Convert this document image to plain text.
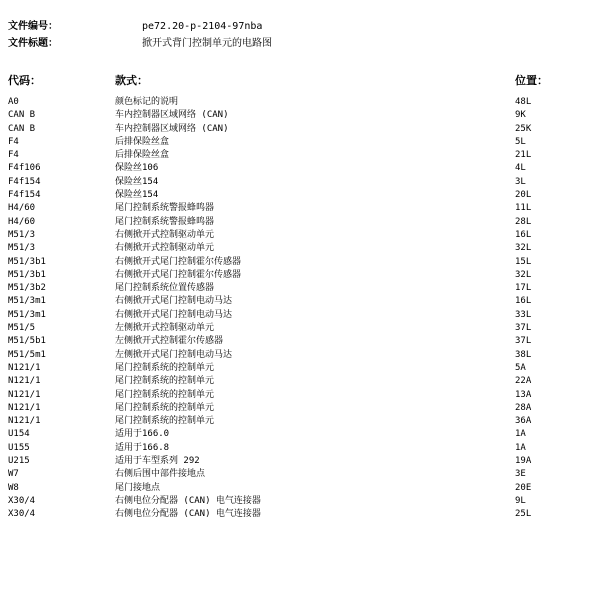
文件编号：	pe72.20-p-2104-97nba
文件标题：	掀开式背门控制单元的电路图
代码：	款式：	位置：
A0	颜色标记的说明	48L
CAN B	车内控制器区域网络 (CAN)	9K
CAN B	车内控制器区域网络 (CAN)	25K
F4	后排保险丝盒	5L
F4	后排保险丝盒	21L
F4f106	保险丝106	4L
F4f154	保险丝154	3L
F4f154	保险丝154	20L
H4/60	尾门控制系统警报蜂鸣器	11L
H4/60	尾门控制系统警报蜂鸣器	28L
M51/3	右侧掀开式控制驱动单元	16L
M51/3	右侧掀开式控制驱动单元	32L
M51/3b1	右侧掀开式尾门控制霍尔传感器	15L
M51/3b1	右侧掀开式尾门控制霍尔传感器	32L
M51/3b2	尾门控制系统位置传感器	17L
M51/3m1	右侧掀开式尾门控制电动马达	16L
M51/3m1	右侧掀开式尾门控制电动马达	33L
M51/5	左侧掀开式控制驱动单元	37L
M51/5b1	左侧掀开式控制霍尔传感器	37L
M51/5m1	左侧掀开式尾门控制电动马达	38L
N121/1	尾门控制系统的控制单元	5A
N121/1	尾门控制系统的控制单元	22A
N121/1	尾门控制系统的控制单元	13A
N121/1	尾门控制系统的控制单元	28A
N121/1	尾门控制系统的控制单元	36A
U154	适用于166.0	1A
U155	适用于166.8	1A
U215	适用于车型系列 292	19A
W7	右侧后围中部件接地点	3E
W8	尾门接地点	20E
X30/4	右侧电位分配器 (CAN) 电气连接器	9L
X30/4	右侧电位分配器 (CAN) 电气连接器	25L
